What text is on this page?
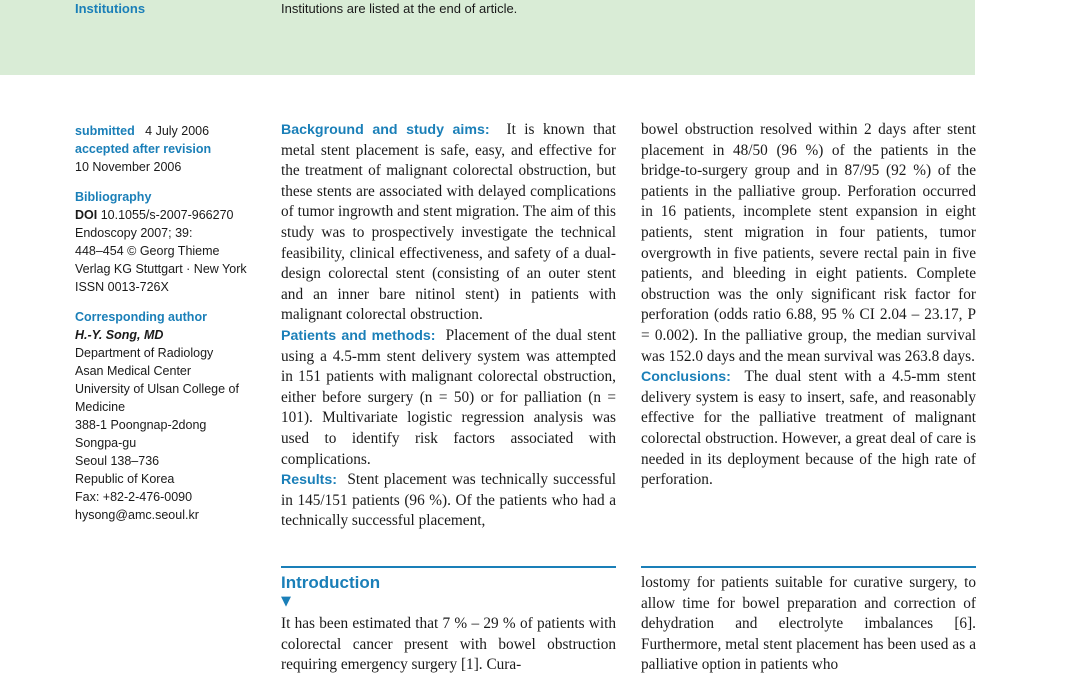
Institutions	Institutions are listed at the end of article.
submitted 4 July 2006
accepted after revision
10 November 2006
Bibliography
DOI 10.1055/s-2007-966270
Endoscopy 2007; 39:
448–454 © Georg Thieme
Verlag KG Stuttgart · New York
ISSN 0013-726X
Corresponding author
H.-Y. Song, MD
Department of Radiology
Asan Medical Center
University of Ulsan College of
Medicine
388-1 Poongnap-2dong
Songpa-gu
Seoul 138–736
Republic of Korea
Fax: +82-2-476-0090
hysong@amc.seoul.kr

Background and study aims: It is known that metal stent placement is safe, easy, and effective for the treatment of malignant colorectal obstruction, but these stents are associated with delayed complications of tumor ingrowth and stent migration. The aim of this study was to prospectively investigate the technical feasibility, clinical effectiveness, and safety of a dual-design colorectal stent (consisting of an outer stent and an inner bare nitinol stent) in patients with malignant colorectal obstruction.

Patients and methods: Placement of the dual stent using a 4.5-mm stent delivery system was attempted in 151 patients with malignant colorectal obstruction, either before surgery (n = 50) or for palliation (n = 101). Multivariate logistic regression analysis was used to identify risk factors associated with complications.

Results: Stent placement was technically successful in 145/151 patients (96 %). Of the patients who had a technically successful placement,

bowel obstruction resolved within 2 days after stent placement in 48/50 (96 %) of the patients in the bridge-to-surgery group and in 87/95 (92 %) of the patients in the palliative group. Perforation occurred in 16 patients, incomplete stent expansion in eight patients, stent migration in four patients, tumor overgrowth in five patients, severe rectal pain in five patients, and bleeding in eight patients. Complete obstruction was the only significant risk factor for perforation (odds ratio 6.88, 95 % CI 2.04 – 23.17, P = 0.002). In the palliative group, the median survival was 152.0 days and the mean survival was 263.8 days.

Conclusions: The dual stent with a 4.5-mm stent delivery system is easy to insert, safe, and reasonably effective for the palliative treatment of malignant colorectal obstruction. However, a great deal of care is needed in its deployment because of the high rate of perforation.

Introduction
▼

It has been estimated that 7 % – 29 % of patients with colorectal cancer present with bowel obstruction requiring emergency surgery [1]. Cura-

lostomy for patients suitable for curative surgery, to allow time for bowel preparation and correction of dehydration and electrolyte imbalances [6]. Furthermore, metal stent placement has been used as a palliative option in patients who
